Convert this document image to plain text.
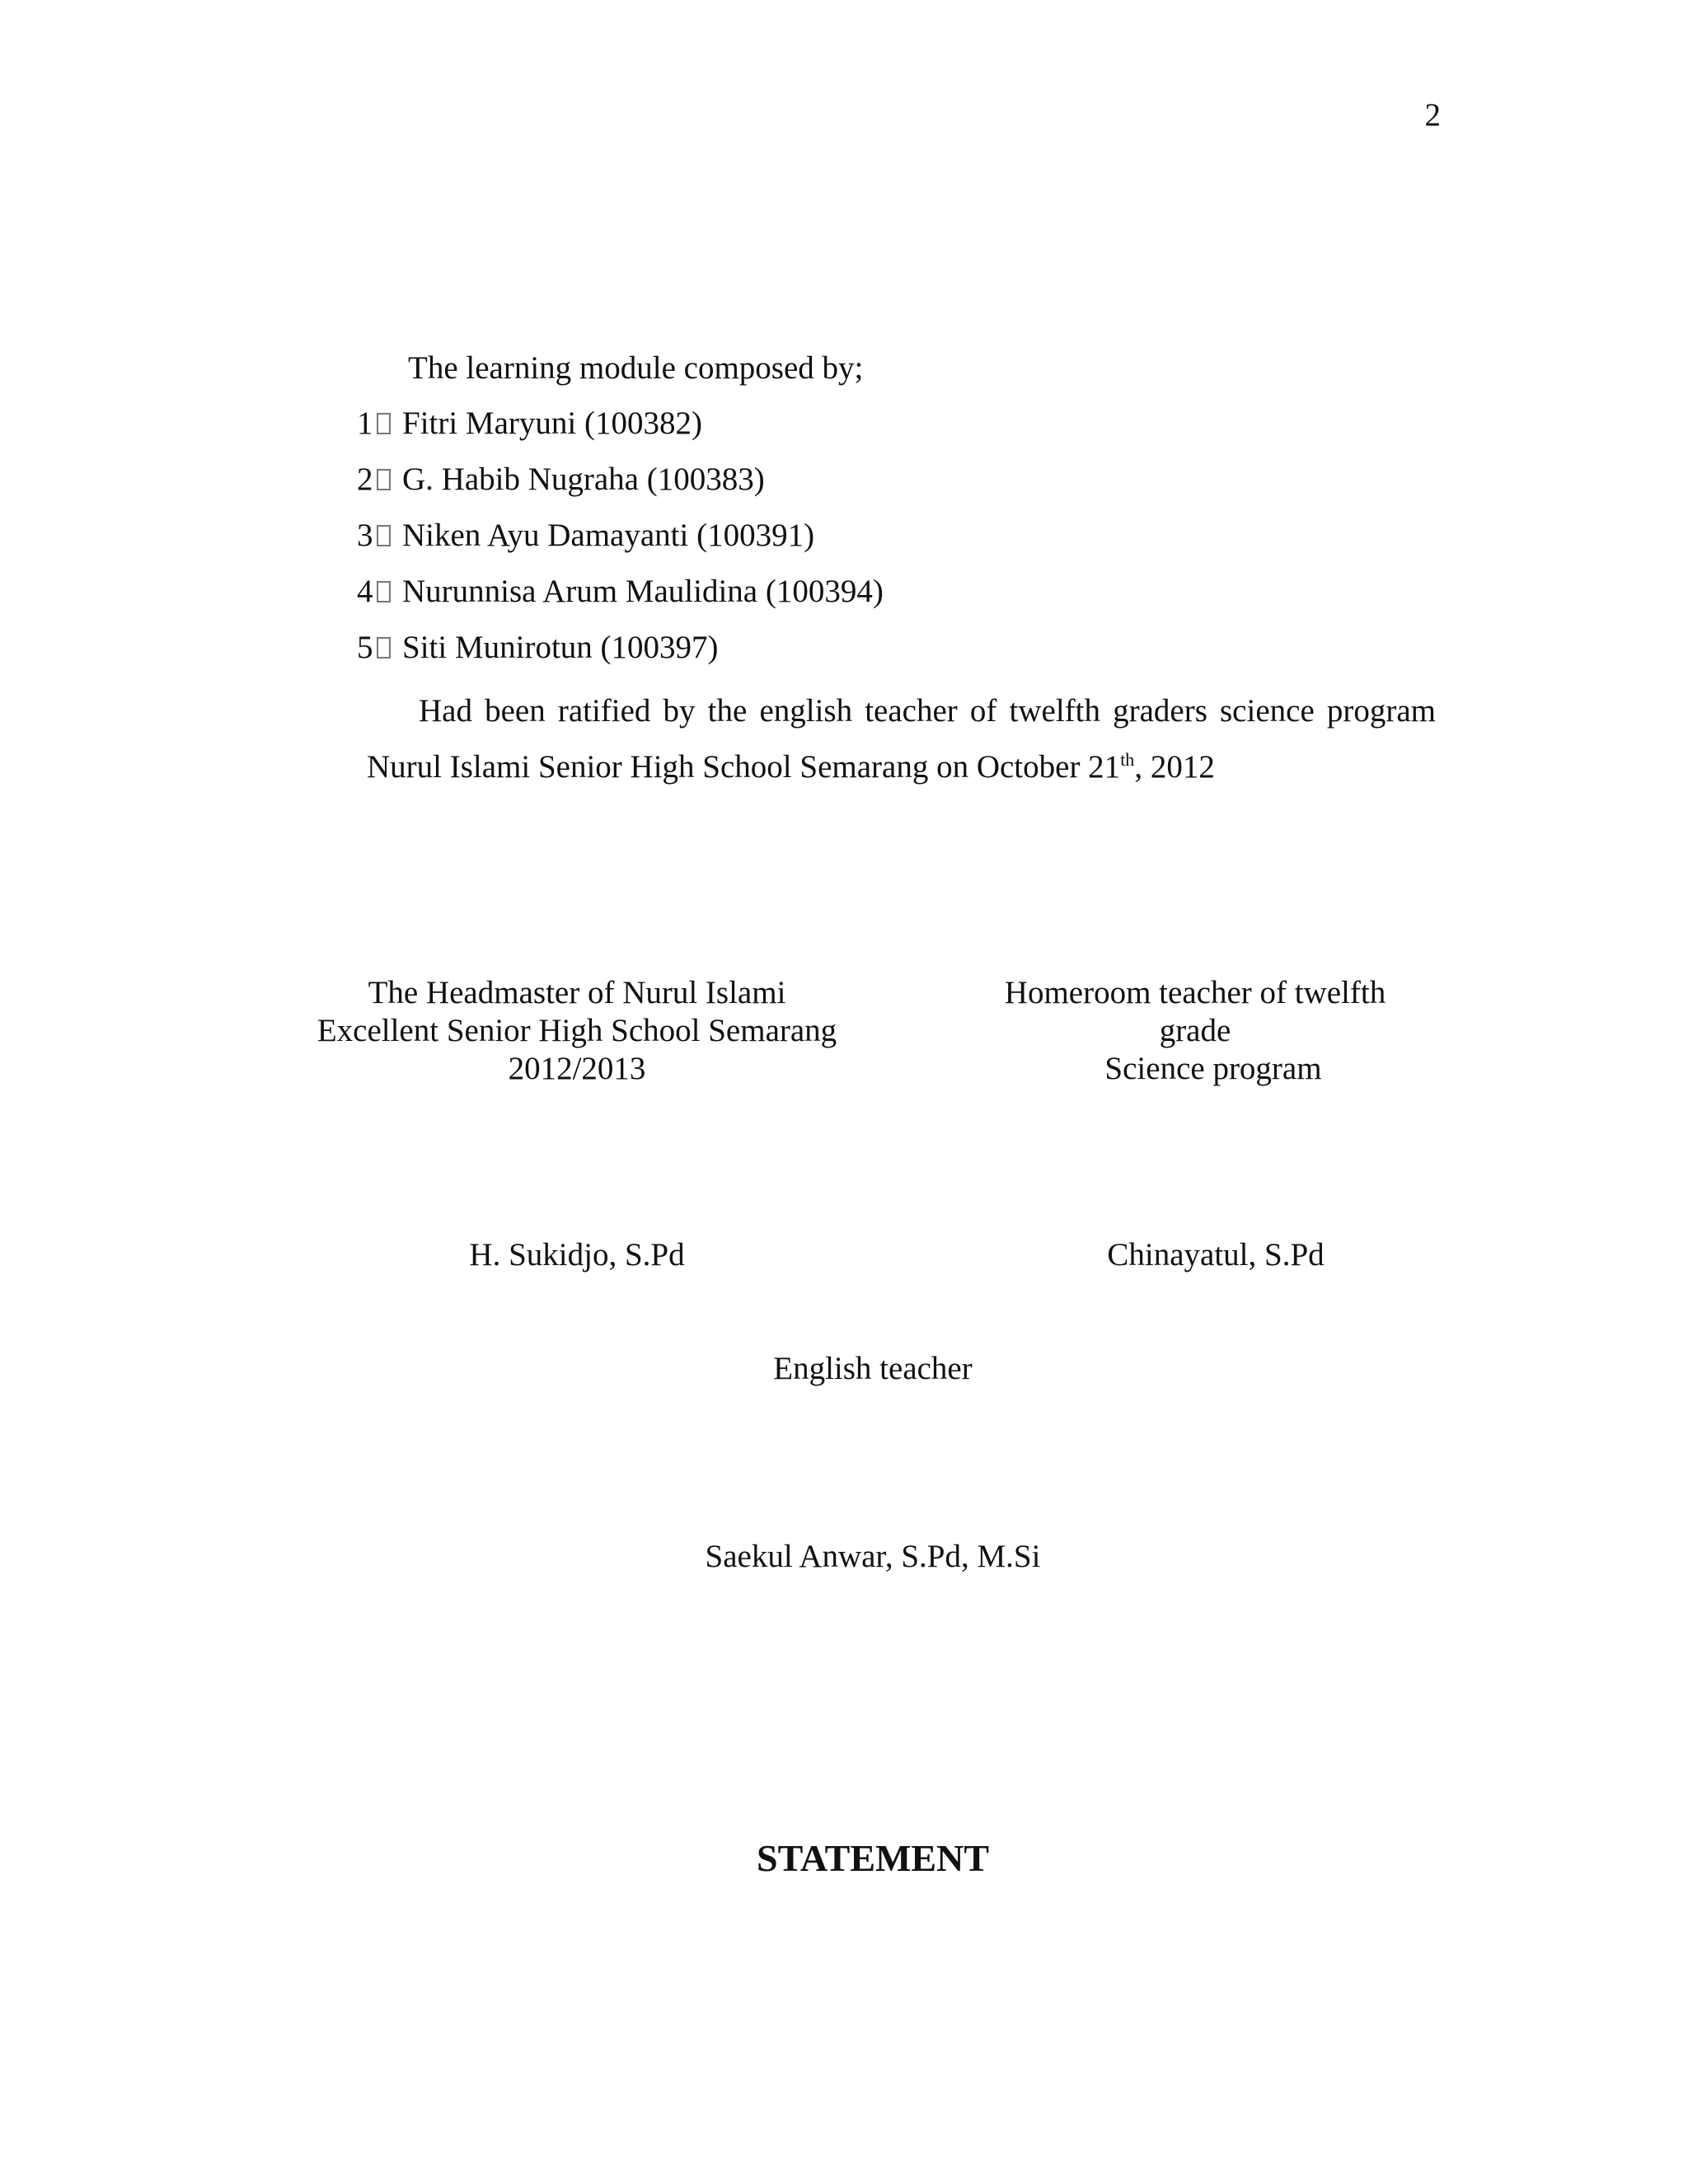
2
The learning module composed by;
1 Fitri Maryuni (100382)
2 G. Habib Nugraha (100383)
3 Niken Ayu Damayanti (100391)
4 Nurunnisa Arum Maulidina (100394)
5 Siti Munirotun (100397)
Had been ratified by the english teacher of twelfth graders science program
Nurul Islami Senior High School Semarang on October 21th, 2012
The Headmaster of Nurul Islami
Excellent Senior High School Semarang
2012/2013
Homeroom teacher of twelfth
grade
Science program
H. Sukidjo, S.Pd	Chinayatul, S.Pd
English teacher
Saekul Anwar, S.Pd, M.Si
STATEMENT
